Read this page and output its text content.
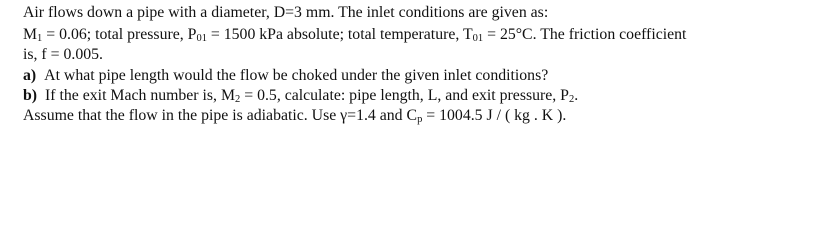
Air flows down a pipe with a diameter, D=3 mm. The inlet conditions are given as:
$M_1 = 0.06$; total pressure, $P_{01} = 1500$ kPa absolute; total temperature, $T_{01} = 25^\circ C$. The friction coefficient
is, f = 0.005.
a) At what pipe length would the flow be choked under the given inlet conditions?
b) If the exit Mach number is, $M_2 = 0.5$, calculate: pipe length, L, and exit pressure, $P_2$.
Assume that the flow in the pipe is adiabatic. Use γ=1.4 and $C_p = 1004.5$ J / ( kg . K ).
